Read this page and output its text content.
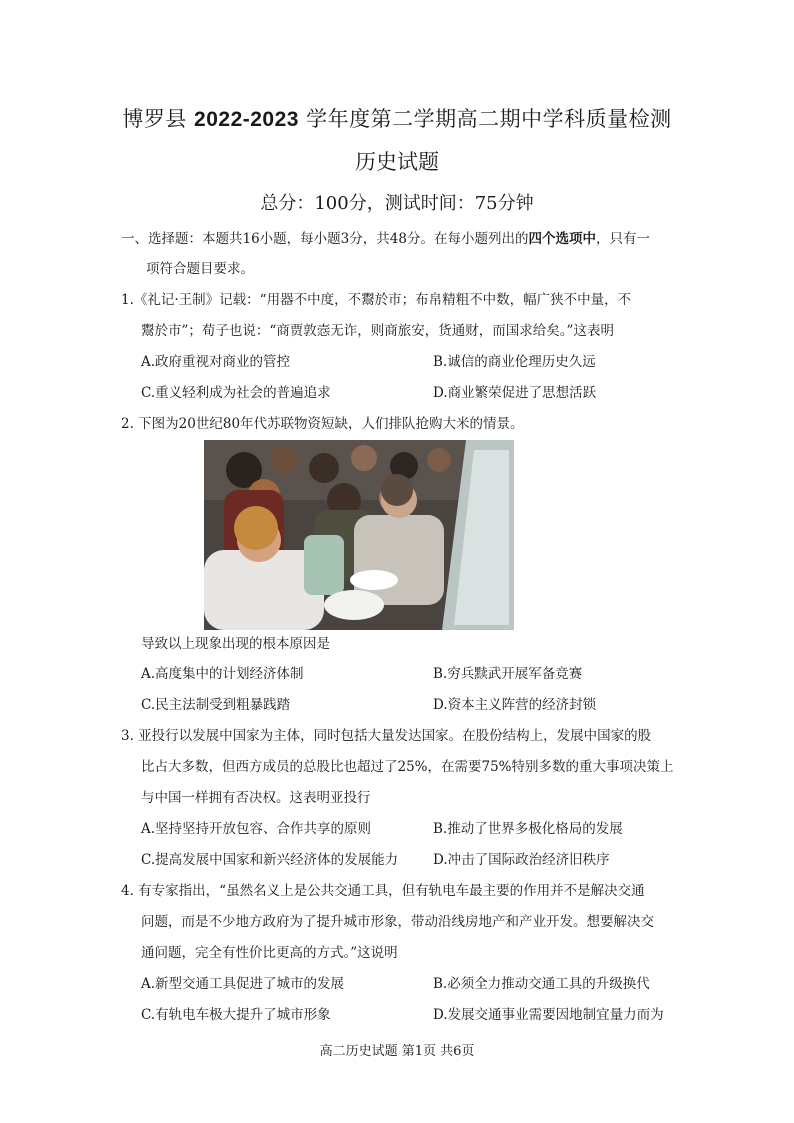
博罗县 2022-2023 学年度第二学期高二期中学科质量检测
历史试题
总分：100分，测试时间：75分钟
一、选择题：本题共16小题，每小题3分，共48分。在每小题列出的四个选项中，只有一
项符合题目要求。
1.《礼记·王制》记载：“用器不中度，不鬻於市；布帛精粗不中数，幅广狭不中量，不
鬻於市”；荀子也说：“商贾敦悫无诈，则商旅安，货通财，而国求给矣。”这表明
A.政府重视对商业的管控	B.诚信的商业伦理历史久远
C.重义轻利成为社会的普遍追求	D.商业繁荣促进了思想活跃
2. 下图为20世纪80年代苏联物资短缺，人们排队抢购大米的情景。
导致以上现象出现的根本原因是
A.高度集中的计划经济体制	B.穷兵黩武开展军备竞赛
C.民主法制受到粗暴践踏	D.资本主义阵营的经济封锁
3. 亚投行以发展中国家为主体，同时包括大量发达国家。在股份结构上，发展中国家的股
比占大多数，但西方成员的总股比也超过了25%，在需要75%特别多数的重大事项决策上
与中国一样拥有否决权。这表明亚投行
A.坚持坚持开放包容、合作共享的原则	B.推动了世界多极化格局的发展
C.提高发展中国家和新兴经济体的发展能力	D.冲击了国际政治经济旧秩序
4. 有专家指出，“虽然名义上是公共交通工具，但有轨电车最主要的作用并不是解决交通
问题，而是不少地方政府为了提升城市形象，带动沿线房地产和产业开发。想要解决交
通问题，完全有性价比更高的方式。”这说明
A.新型交通工具促进了城市的发展	B.必须全力推动交通工具的升级换代
C.有轨电车极大提升了城市形象	D.发展交通事业需要因地制宜量力而为
高二历史试题 第1页 共6页
